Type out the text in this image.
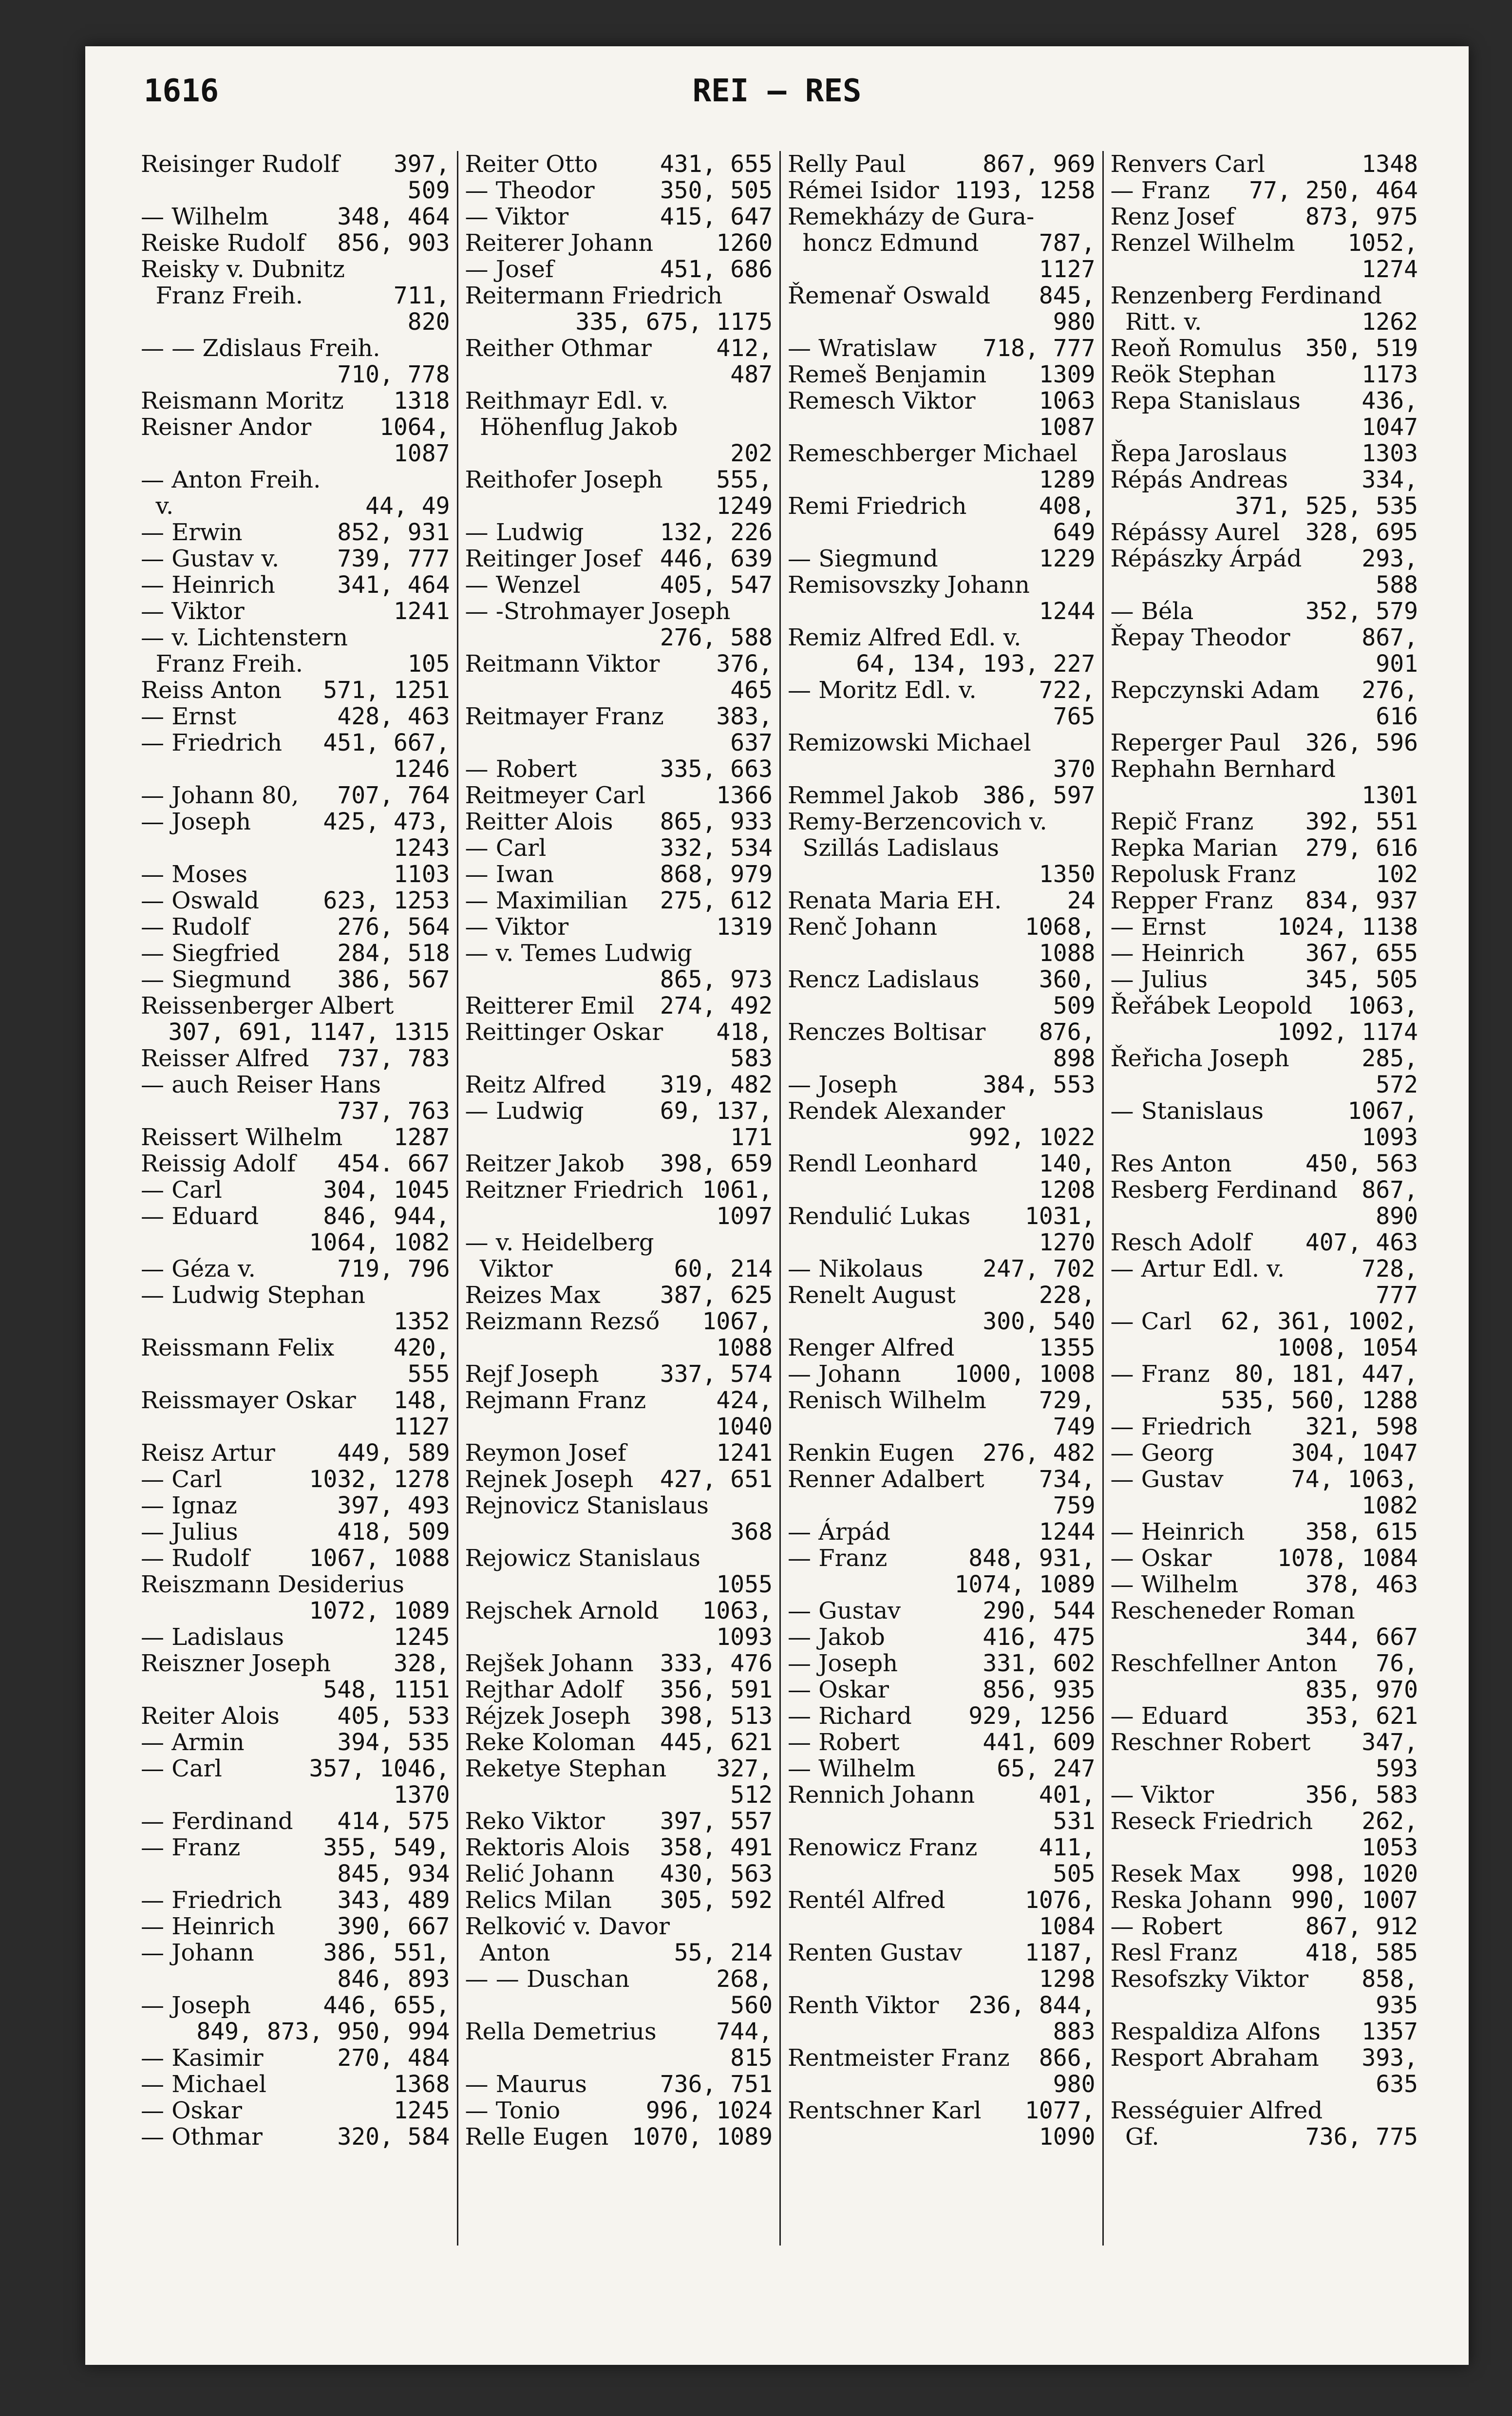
1616	REI — RES
Reisinger Rudolf 397,
509
— Wilhelm	348, 464
Reiske Rudolf 856, 903
Reisky v. Dubnitz
Franz Freih.	711,
820
— — Zdislaus Freih.
710, 778
Reismann Moritz 1318
Reisner Andor	1064,
1087
— Anton Freih.
v.	44, 49
— Erwin	852, 931
— Gustav v. 739, 777
— Heinrich	341, 464
— Viktor	1241
— v. Lichtenstern
Franz Freih.	105
Reiss Anton 571, 1251
— Ernst	428, 463
— Friedrich 451, 667,
1246
— Johann 80, 707, 764
— Joseph	425, 473,
1243
— Moses	1103
— Oswald	623, 1253
— Rudolf	276, 564
— Siegfried 284, 518
— Siegmund 386, 567
Reissenberger Albert
307, 691, 1147, 1315
Reisser Alfred 737, 783
— auch Reiser Hans
737, 763
Reissert Wilhelm 1287
Reissig Adolf 454. 667
— Carl	304, 1045
— Eduard	846, 944,
1064, 1082
— Géza v.	719, 796
— Ludwig Stephan
1352
Reissmann Felix	420,
555
Reissmayer Oskar 148,
1127
Reisz Artur	449, 589
— Carl	1032, 1278
— Ignaz	397, 493
— Julius	418, 509
— Rudolf	1067, 1088
Reiszmann Desiderius
1072, 1089
— Ladislaus	1245
Reiszner Joseph	328,
548, 1151
Reiter Alois 405, 533
— Armin	394, 535
— Carl	357, 1046,
1370
— Ferdinand 414, 575
— Franz	355, 549,
845, 934
— Friedrich 343, 489
— Heinrich	390, 667
— Johann	386, 551,
846, 893
— Joseph	446, 655,
849, 873, 950, 994
— Kasimir	270, 484
— Michael	1368
— Oskar	1245
— Othmar	320, 584
Reiter Otto	431, 655
— Theodor	350, 505
— Viktor	415, 647
Reiterer Johann	1260
— Josef	451, 686
Reitermann Friedrich
335, 675, 1175
Reither Othmar	412,
487
Reithmayr Edl. v.
Höhenflug Jakob
202
Reithofer Joseph 555,
1249
— Ludwig	132, 226
Reitinger Josef 446, 639
— Wenzel	405, 547
— -Strohmayer Joseph
276, 588
Reitmann Viktor 376,
465
Reitmayer Franz 383,
637
— Robert	335, 663
Reitmeyer Carl	1366
Reitter Alois 865, 933
— Carl	332, 534
— Iwan	868, 979
— Maximilian 275, 612
— Viktor	1319
— v. Temes Ludwig
865, 973
Reitterer Emil 274, 492
Reittinger Oskar 418,
583
Reitz Alfred 319, 482
— Ludwig	69, 137,
171
Reitzer Jakob 398, 659
Reitzner Friedrich 1061,
1097
— v. Heidelberg
Viktor	60, 214
Reizes Max	387, 625
Reizmann Rezső 1067,
1088
Rejf Joseph	337, 574
Rejmann Franz	424,
1040
Reymon Josef	1241
Rejnek Joseph 427, 651
Rejnovicz Stanislaus
368
Rejowicz Stanislaus
1055
Rejschek Arnold 1063,
1093
Rejšek Johann 333, 476
Rejthar Adolf 356, 591
Réjzek Joseph 398, 513
Reke Koloman 445, 621
Reketye Stephan 327,
512
Reko Viktor 397, 557
Rektoris Alois 358, 491
Relić Johann 430, 563
Relics Milan 305, 592
Relković v. Davor
Anton	55, 214
— — Duschan	268,
560
Rella Demetrius	744,
815
— Maurus	736, 751
— Tonio	996, 1024
Relle Eugen 1070, 1089
Relly Paul	867, 969
Rémei Isidor 1193, 1258
Remekházy de Gura-
honcz Edmund	787,
1127
Řemenař Oswald 845,
980
— Wratislaw 718, 777
Remeš Benjamin 1309
Remesch Viktor	1063
1087
Remeschberger Michael
1289
Remi Friedrich	408,
649
— Siegmund	1229
Remisovszky Johann
1244
Remiz Alfred Edl. v.
64, 134, 193, 227
— Moritz Edl. v.	722,
765
Remizowski Michael
370
Remmel Jakob 386, 597
Remy-Berzencovich v.
Szillás Ladislaus
1350
Renata Maria EH.	24
Renč Johann	1068,
1088
Rencz Ladislaus	360,
509
Renczes Boltisar 876,
898
— Joseph	384, 553
Rendek Alexander
992, 1022
Rendl Leonhard	140,
1208
Rendulić Lukas 1031,
1270
— Nikolaus	247, 702
Renelt August	228,
300, 540
Renger Alfred	1355
— Johann 1000, 1008
Renisch Wilhelm 729,
749
Renkin Eugen 276, 482
Renner Adalbert 734,
759
— Árpád	1244
— Franz	848, 931,
1074, 1089
— Gustav	290, 544
— Jakob	416, 475
— Joseph	331, 602
— Oskar	856, 935
— Richard 929, 1256
— Robert	441, 609
— Wilhelm	65, 247
Rennich Johann	401,
531
Renowicz Franz	411,
505
Rentél Alfred	1076,
1084
Renten Gustav	1187,
1298
Renth Viktor 236, 844,
883
Rentmeister Franz 866,
980
Rentschner Karl 1077,
1090
Renvers Carl	1348
— Franz 77, 250, 464
Renz Josef	873, 975
Renzel Wilhelm 1052,
1274
Renzenberg Ferdinand
Ritt. v.	1262
Reoň Romulus 350, 519
Reök Stephan	1173
Repa Stanislaus	436,
1047
Řepa Jaroslaus	1303
Répás Andreas	334,
371, 525, 535
Répássy Aurel 328, 695
Répászky Árpád	293,
588
— Béla	352, 579
Řepay Theodor	867,
901
Repczynski Adam 276,
616
Reperger Paul 326, 596
Rephahn Bernhard
1301
Repič Franz 392, 551
Repka Marian 279, 616
Repolusk Franz	102
Repper Franz 834, 937
— Ernst	1024, 1138
— Heinrich	367, 655
— Julius	345, 505
Řeřábek Leopold 1063,
1092, 1174
Řeřicha Joseph	285,
572
— Stanislaus	1067,
1093
Res Anton	450, 563
Resberg Ferdinand 867,
890
Resch Adolf 407, 463
— Artur Edl. v.	728,
777
— Carl 62, 361, 1002,
1008, 1054
— Franz 80, 181, 447,
535, 560, 1288
— Friedrich 321, 598
— Georg	304, 1047
— Gustav	74, 1063,
1082
— Heinrich	358, 615
— Oskar	1078, 1084
— Wilhelm	378, 463
Rescheneder Roman
344, 667
Reschfellner Anton 76,
835, 970
— Eduard	353, 621
Reschner Robert 347,
593
— Viktor	356, 583
Reseck Friedrich 262,
1053
Resek Max 998, 1020
Reska Johann 990, 1007
— Robert	867, 912
Resl Franz	418, 585
Resofszky Viktor 858,
935
Respaldiza Alfons 1357
Resport Abraham 393,
635
Rességuier Alfred
Gf.	736, 775
